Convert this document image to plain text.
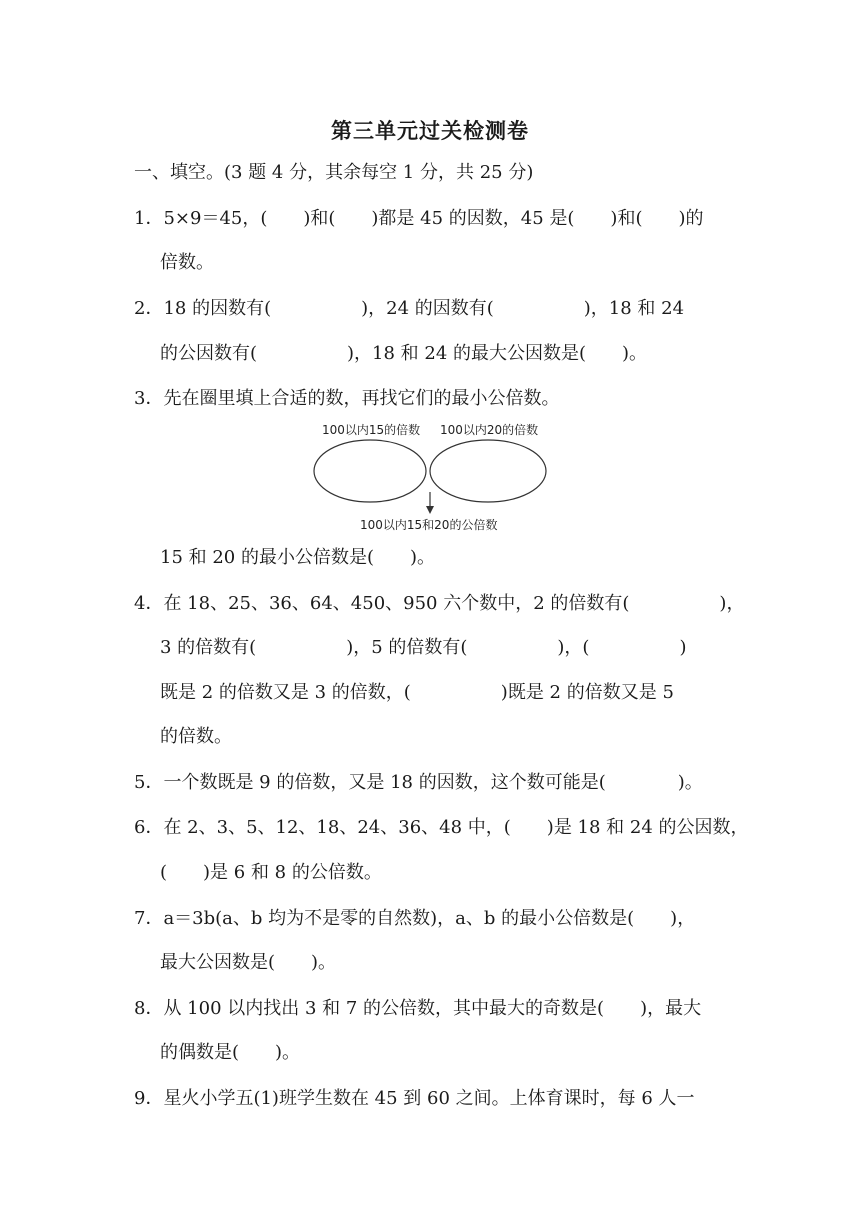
第三单元过关检测卷
一、填空。(3 题 4 分，其余每空 1 分，共 25 分)
1．5×9＝45，(　　)和(　　)都是 45 的因数，45 是(　　)和(　　)的
倍数。
2．18 的因数有(　　　　　)，24 的因数有(　　　　　)，18 和 24
的公因数有(　　　　　)，18 和 24 的最大公因数是(　　)。
3．先在圈里填上合适的数，再找它们的最小公倍数。
100以内15的倍数 100以内20的倍数
100以内15和20的公倍数
15 和 20 的最小公倍数是(　　)。
4．在 18、25、36、64、450、950 六个数中，2 的倍数有(　　　　　)，
3 的倍数有(　　　　　)，5 的倍数有(　　　　　)，(　　　　　)
既是 2 的倍数又是 3 的倍数，(　　　　　)既是 2 的倍数又是 5
的倍数。
5．一个数既是 9 的倍数，又是 18 的因数，这个数可能是(　　　　)。
6．在 2、3、5、12、18、24、36、48 中，(　　)是 18 和 24 的公因数，
(　　)是 6 和 8 的公倍数。
7．a＝3b(a、b 均为不是零的自然数)，a、b 的最小公倍数是(　　)，
最大公因数是(　　)。
8．从 100 以内找出 3 和 7 的公倍数，其中最大的奇数是(　　)，最大
的偶数是(　　)。
9．星火小学五(1)班学生数在 45 到 60 之间。上体育课时，每 6 人一
